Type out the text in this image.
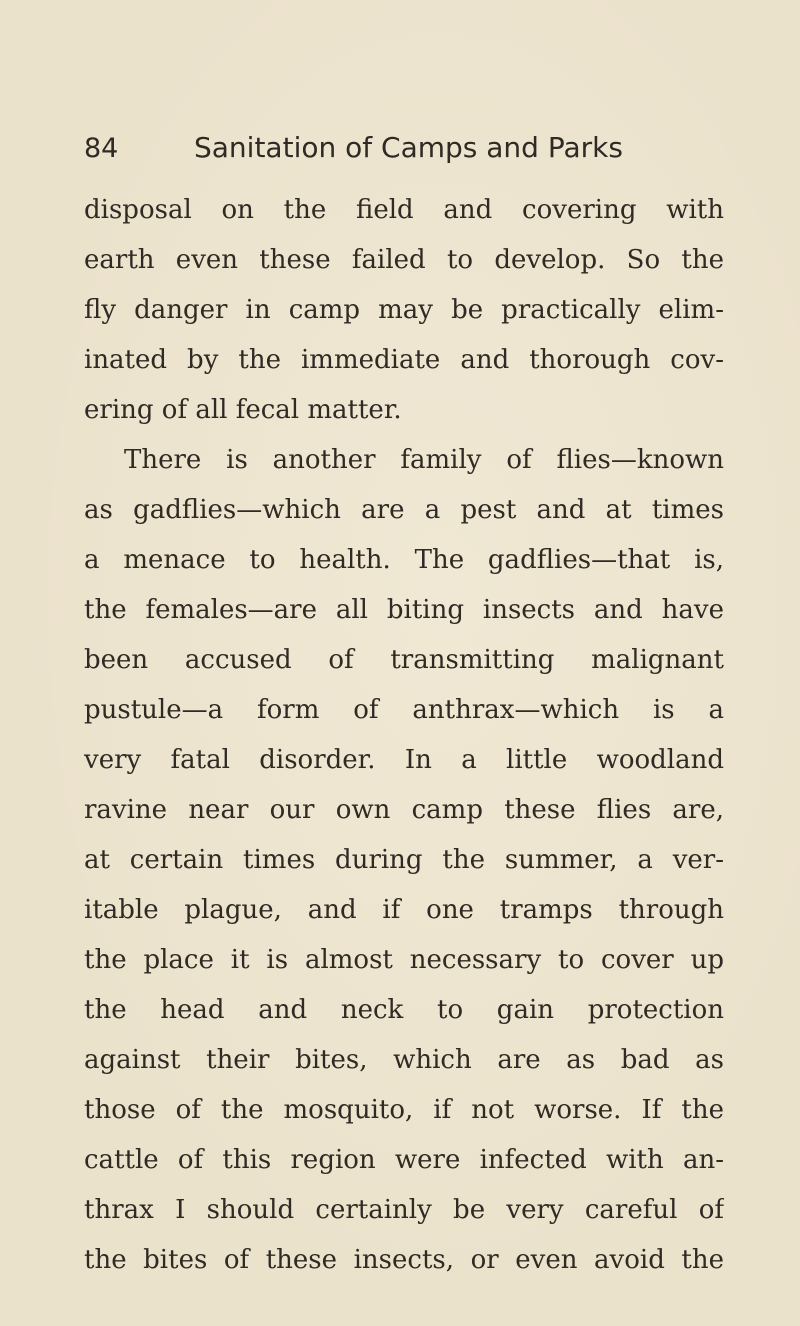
84	Sanitation of Camps and Parks
disposal on the field and covering with
earth even these failed to develop. So the
fly danger in camp may be practically elim-
inated by the immediate and thorough cov-
ering of all fecal matter.
There is another family of flies—known
as gadflies—which are a pest and at times
a menace to health. The gadflies—that is,
the females—are all biting insects and have
been accused of transmitting malignant
pustule—a form of anthrax—which is a
very fatal disorder. In a little woodland
ravine near our own camp these flies are,
at certain times during the summer, a ver-
itable plague, and if one tramps through
the place it is almost necessary to cover up
the head and neck to gain protection
against their bites, which are as bad as
those of the mosquito, if not worse. If the
cattle of this region were infected with an-
thrax I should certainly be very careful of
the bites of these insects, or even avoid the
